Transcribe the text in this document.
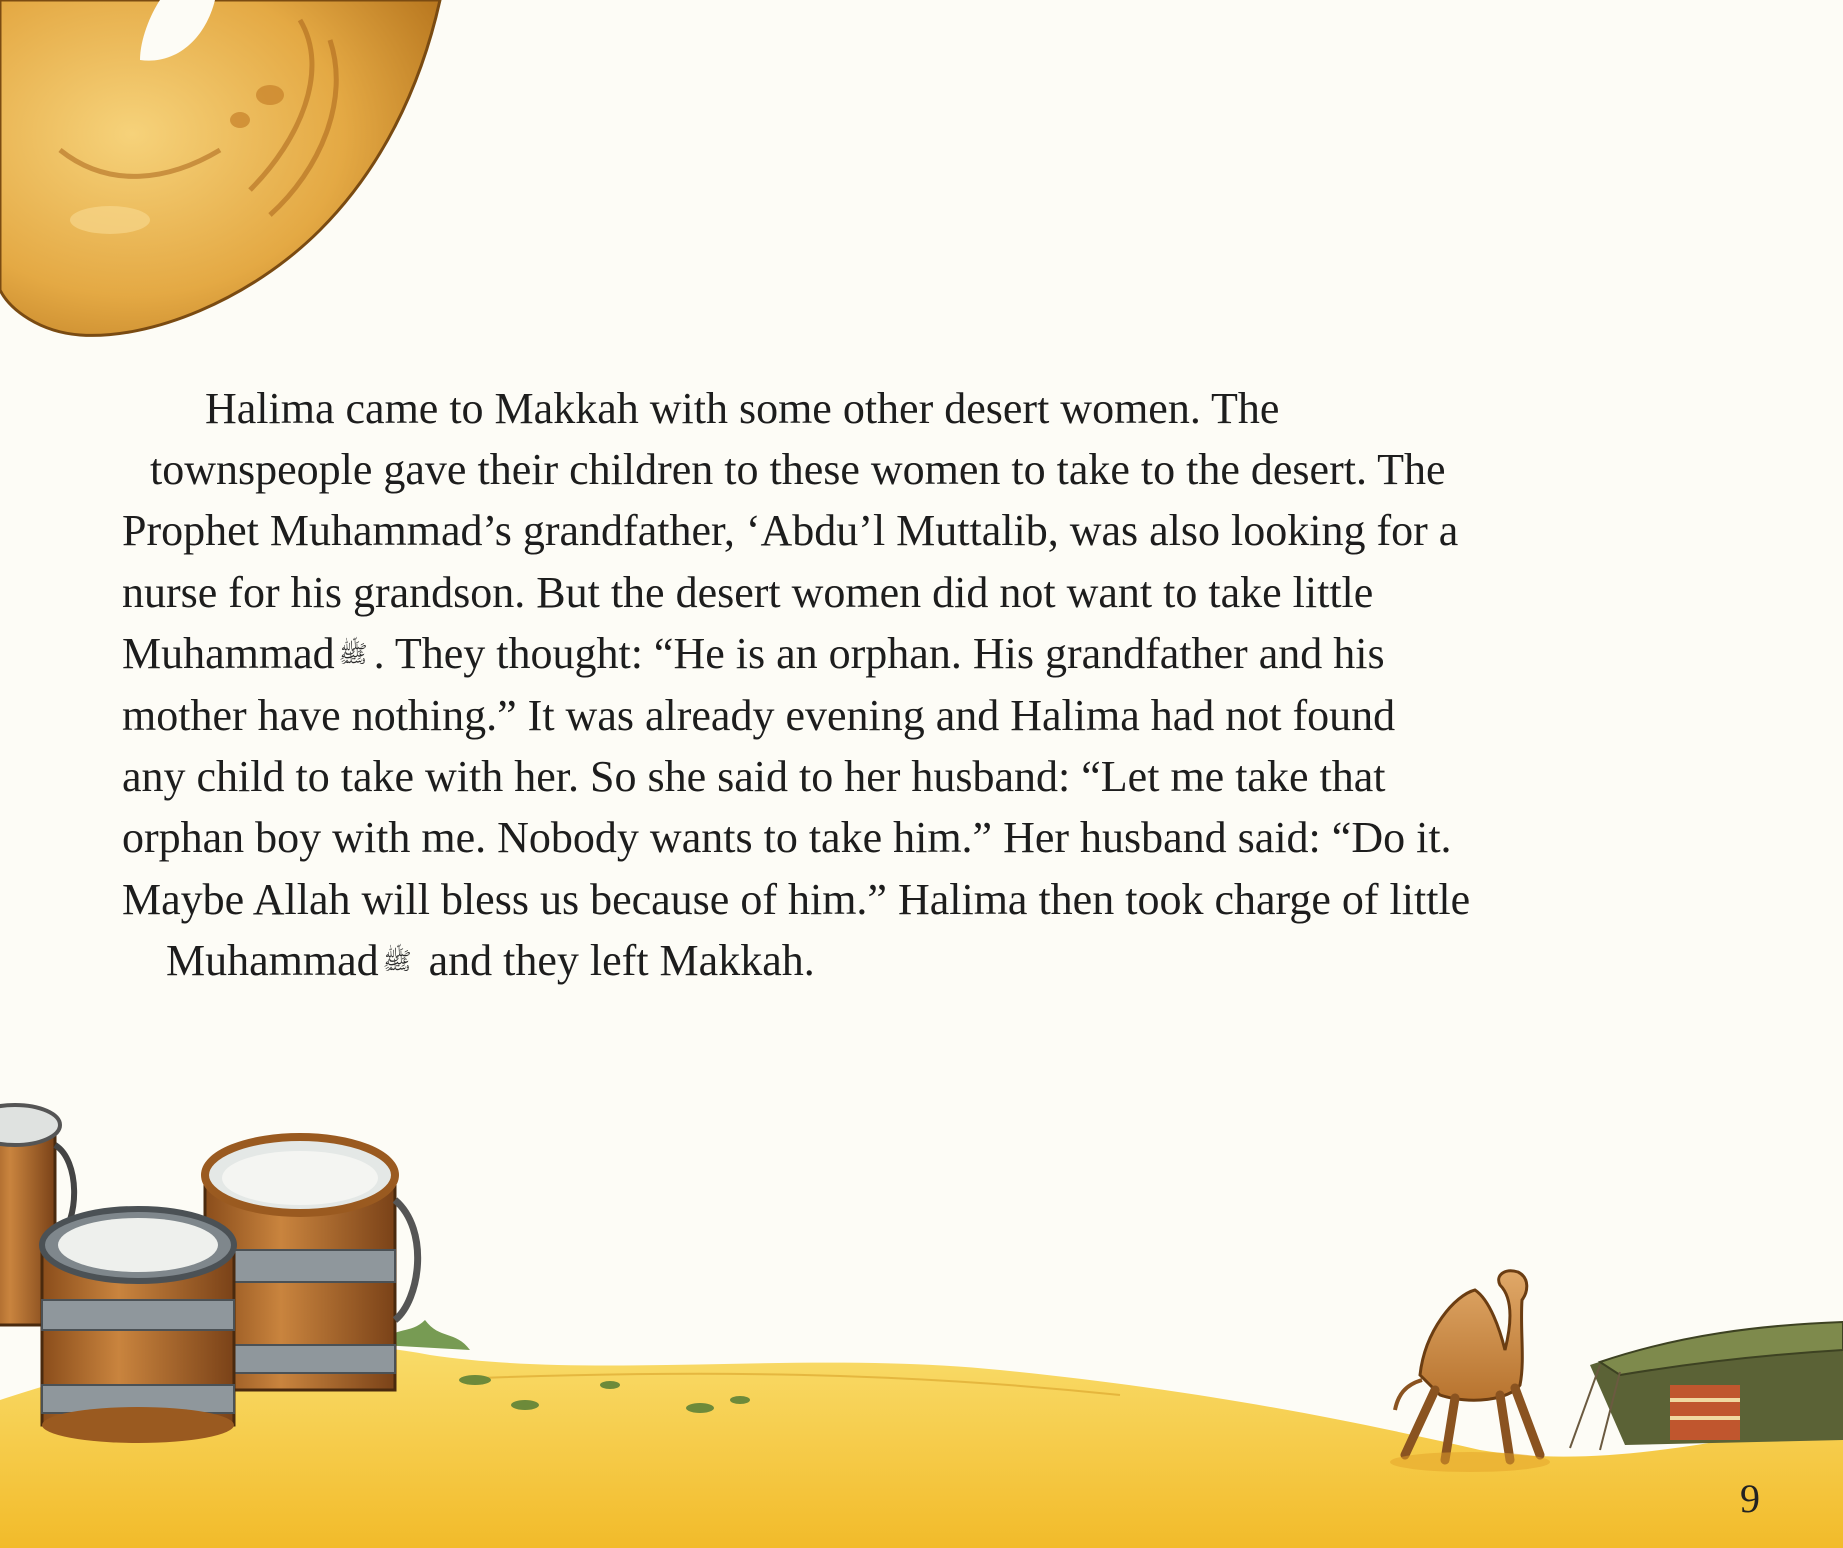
Halima came to Makkah with some other desert women. The
townspeople gave their children to these women to take to the desert. The
Prophet Muhammad’s grandfather, ‘Abdu’l Muttalib, was also looking for a
nurse for his grandson. But the desert women did not want to take little
Muhammad ﷺ . They thought: “He is an orphan. His grandfather and his
mother have nothing.” It was already evening and Halima had not found
any child to take with her. So she said to her husband: “Let me take that
orphan boy with me. Nobody wants to take him.” Her husband said: “Do it.
Maybe Allah will bless us because of him.” Halima then took charge of little
Muhammad ﷺ and they left Makkah.
9
